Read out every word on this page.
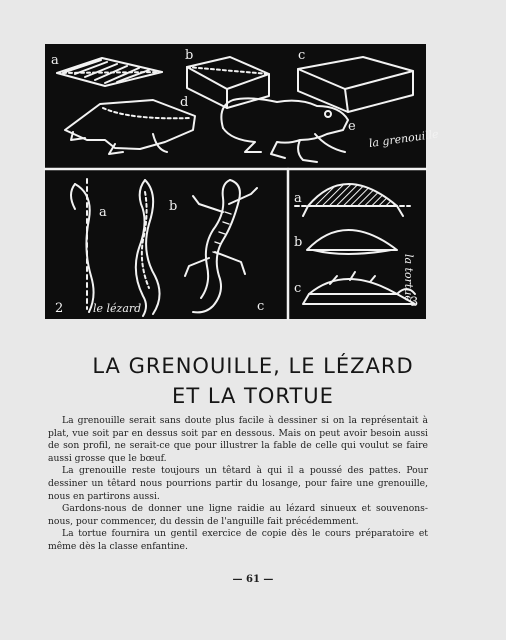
a	b	c
d
e
la grenouille
a	b
c
2	le lézard
a
b
c
3
la tortue
LA GRENOUILLE, LE LÉZARD
ET LA TORTUE

La grenouille serait sans doute plus facile à dessiner si on la représentait à plat, vue soit par en dessus soit par en dessous. Mais on peut avoir besoin aussi de son profil, ne serait-ce que pour illustrer la fable de celle qui voulut se faire aussi grosse que le bœuf.

La grenouille reste toujours un têtard à qui il a poussé des pattes. Pour dessiner un têtard nous pourrions partir du losange, pour faire une grenouille, nous en partirons aussi.

Gardons-nous de donner une ligne raidie au lézard sinueux et souvenons-nous, pour commencer, du dessin de l'anguille fait précédemment.

La tortue fournira un gentil exercice de copie dès le cours préparatoire et même dès la classe enfantine.

— 61 —
